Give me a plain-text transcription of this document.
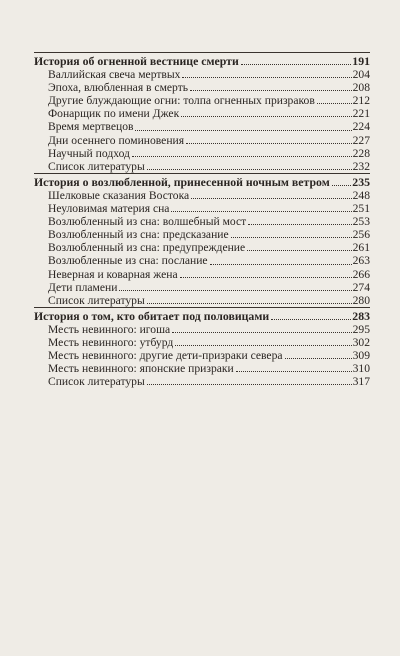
История об огненной вестнице смерти	191
Валлийская свеча мертвых	204
Эпоха, влюбленная в смерть	208
Другие блуждающие огни: толпа огненных призраков	212
Фонарщик по имени Джек	221
Время мертвецов	224
Дни осеннего поминовения	227
Научный подход	228
Список литературы	232
История о возлюбленной, принесенной ночным ветром 235
Шелковые сказания Востока	248
Неуловимая материя сна	251
Возлюбленный из сна: волшебный мост	253
Возлюбленный из сна: предсказание	256
Возлюбленный из сна: предупреждение	261
Возлюбленные из сна: послание	263
Неверная и коварная жена	266
Дети пламени	274
Список литературы	280
История о том, кто обитает под половицами	283
Месть невинного: игоша	295
Месть невинного: утбурд	302
Месть невинного: другие дети-призраки севера	309
Месть невинного: японские призраки	310
Список литературы	317
